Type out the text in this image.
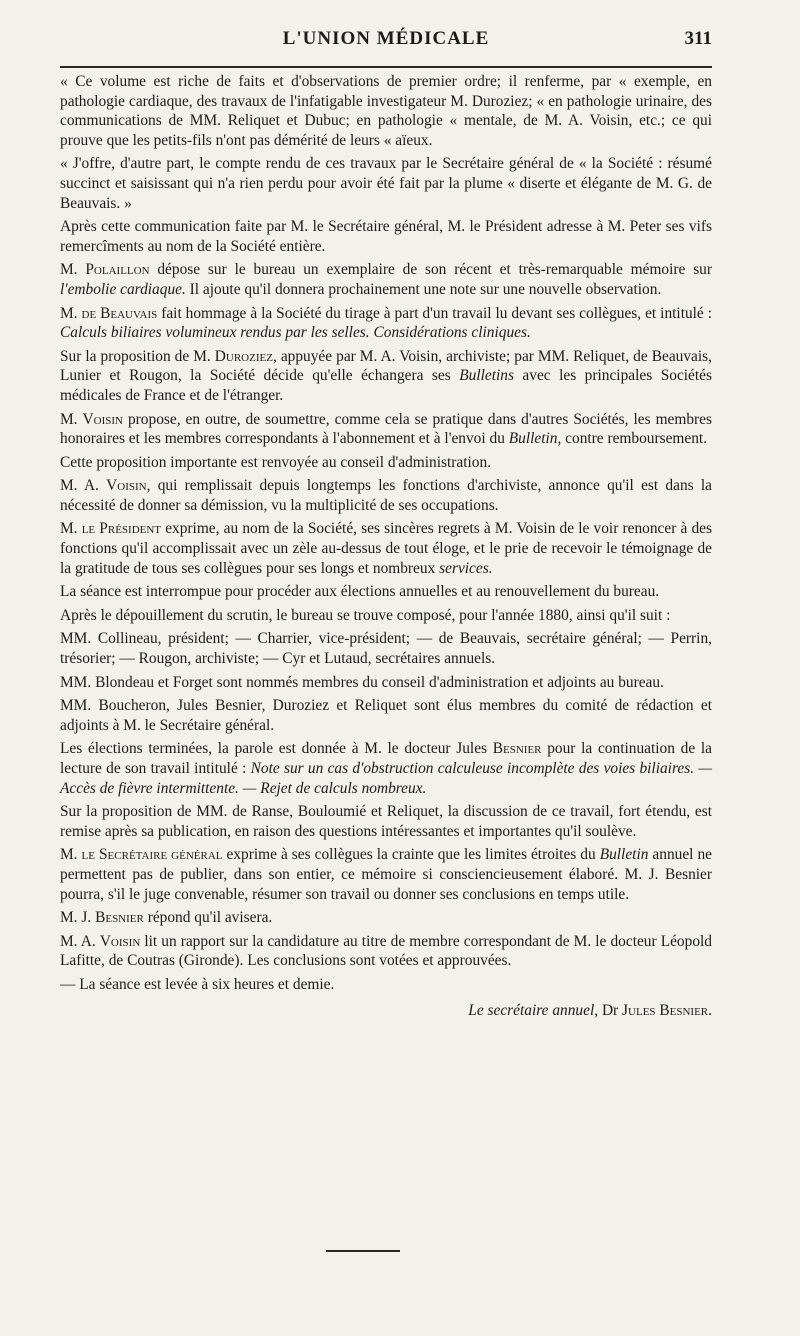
L'UNION MÉDICALE	311

« Ce volume est riche de faits et d'observations de premier ordre; il renferme, par « exemple, en pathologie cardiaque, des travaux de l'infatigable investigateur M. Duroziez; « en pathologie urinaire, des communications de MM. Reliquet et Dubuc; en pathologie « mentale, de M. A. Voisin, etc.; ce qui prouve que les petits-fils n'ont pas démérité de leurs « aïeux.

« J'offre, d'autre part, le compte rendu de ces travaux par le Secrétaire général de « la Société : résumé succinct et saisissant qui n'a rien perdu pour avoir été fait par la plume « diserte et élégante de M. G. de Beauvais. »

Après cette communication faite par M. le Secrétaire général, M. le Président adresse à M. Peter ses vifs remercîments au nom de la Société entière.

M. Polaillon dépose sur le bureau un exemplaire de son récent et très-remarquable mémoire sur l'embolie cardiaque. Il ajoute qu'il donnera prochainement une note sur une nouvelle observation.

M. de Beauvais fait hommage à la Société du tirage à part d'un travail lu devant ses collègues, et intitulé : Calculs biliaires volumineux rendus par les selles. Considérations cliniques.

Sur la proposition de M. Duroziez, appuyée par M. A. Voisin, archiviste; par MM. Reliquet, de Beauvais, Lunier et Rougon, la Société décide qu'elle échangera ses Bulletins avec les principales Sociétés médicales de France et de l'étranger.

M. Voisin propose, en outre, de soumettre, comme cela se pratique dans d'autres Sociétés, les membres honoraires et les membres correspondants à l'abonnement et à l'envoi du Bulletin, contre remboursement.

Cette proposition importante est renvoyée au conseil d'administration.

M. A. Voisin, qui remplissait depuis longtemps les fonctions d'archiviste, annonce qu'il est dans la nécessité de donner sa démission, vu la multiplicité de ses occupations.

M. le Président exprime, au nom de la Société, ses sincères regrets à M. Voisin de le voir renoncer à des fonctions qu'il accomplissait avec un zèle au-dessus de tout éloge, et le prie de recevoir le témoignage de la gratitude de tous ses collègues pour ses longs et nombreux services.

La séance est interrompue pour procéder aux élections annuelles et au renouvellement du bureau.

Après le dépouillement du scrutin, le bureau se trouve composé, pour l'année 1880, ainsi qu'il suit :

MM. Collineau, président; — Charrier, vice-président; — de Beauvais, secrétaire général; — Perrin, trésorier; — Rougon, archiviste; — Cyr et Lutaud, secrétaires annuels.

MM. Blondeau et Forget sont nommés membres du conseil d'administration et adjoints au bureau.

MM. Boucheron, Jules Besnier, Duroziez et Reliquet sont élus membres du comité de rédaction et adjoints à M. le Secrétaire général.

Les élections terminées, la parole est donnée à M. le docteur Jules Besnier pour la continuation de la lecture de son travail intitulé : Note sur un cas d'obstruction calculeuse incomplète des voies biliaires. — Accès de fièvre intermittente. — Rejet de calculs nombreux.

Sur la proposition de MM. de Ranse, Bouloumié et Reliquet, la discussion de ce travail, fort étendu, est remise après sa publication, en raison des questions intéressantes et importantes qu'il soulève.

M. le Secrétaire général exprime à ses collègues la crainte que les limites étroites du Bulletin annuel ne permettent pas de publier, dans son entier, ce mémoire si consciencieusement élaboré. M. J. Besnier pourra, s'il le juge convenable, résumer son travail ou donner ses conclusions en temps utile.

M. J. Besnier répond qu'il avisera.

M. A. Voisin lit un rapport sur la candidature au titre de membre correspondant de M. le docteur Léopold Lafitte, de Coutras (Gironde). Les conclusions sont votées et approuvées.

— La séance est levée à six heures et demie.

Le secrétaire annuel, Dr Jules Besnier.
